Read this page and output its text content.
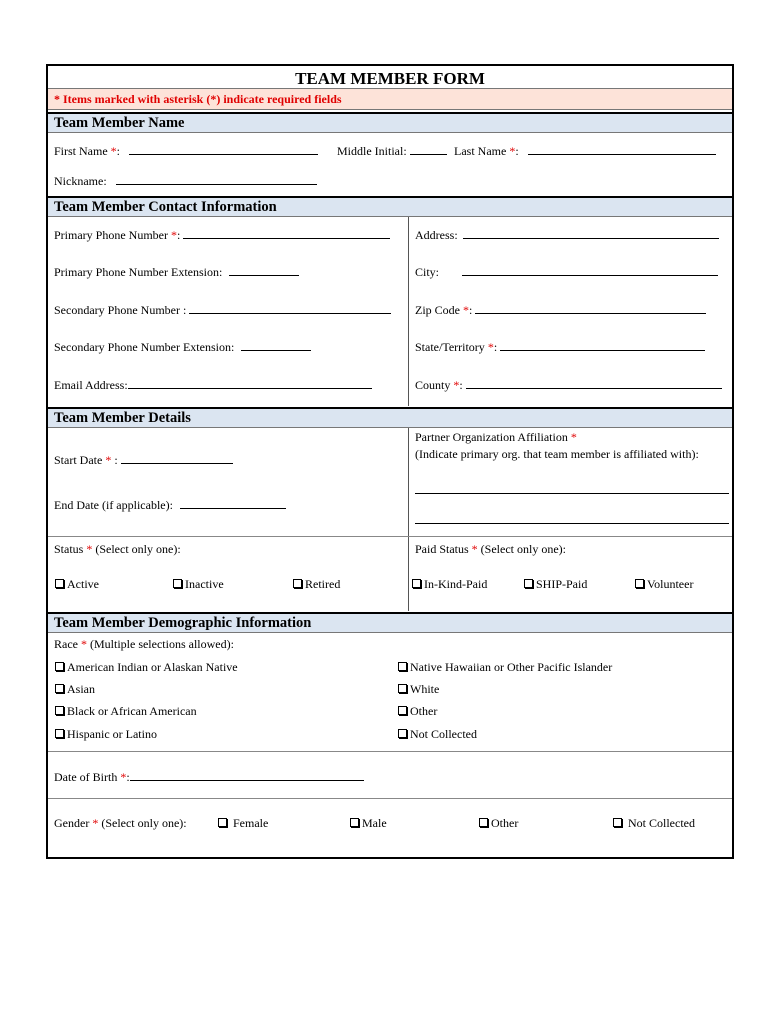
TEAM MEMBER FORM
* Items marked with asterisk (*) indicate required fields
Team Member Name
First Name *:	Middle Initial:	Last Name *:
Nickname:
Team Member Contact Information
Primary Phone Number *:
Primary Phone Number Extension:
Secondary Phone Number :
Secondary Phone Number Extension:
Email Address:
Address:
City:
Zip Code *:
State/Territory *:
County *:
Team Member Details
Start Date * :
End Date (if applicable):
Partner Organization Affiliation *
(Indicate primary org. that team member is affiliated with):
Status * (Select only one):	Paid Status * (Select only one):
Active	Inactive	Retired	In-Kind-Paid	SHIP-Paid	Volunteer
Team Member Demographic Information
Race * (Multiple selections allowed):
American Indian or Alaskan Native
Asian
Black or African American
Hispanic or Latino
Native Hawaiian or Other Pacific Islander
White
Other
Not Collected
Date of Birth *:
Gender * (Select only one):	Female	Male	Other	Not Collected
